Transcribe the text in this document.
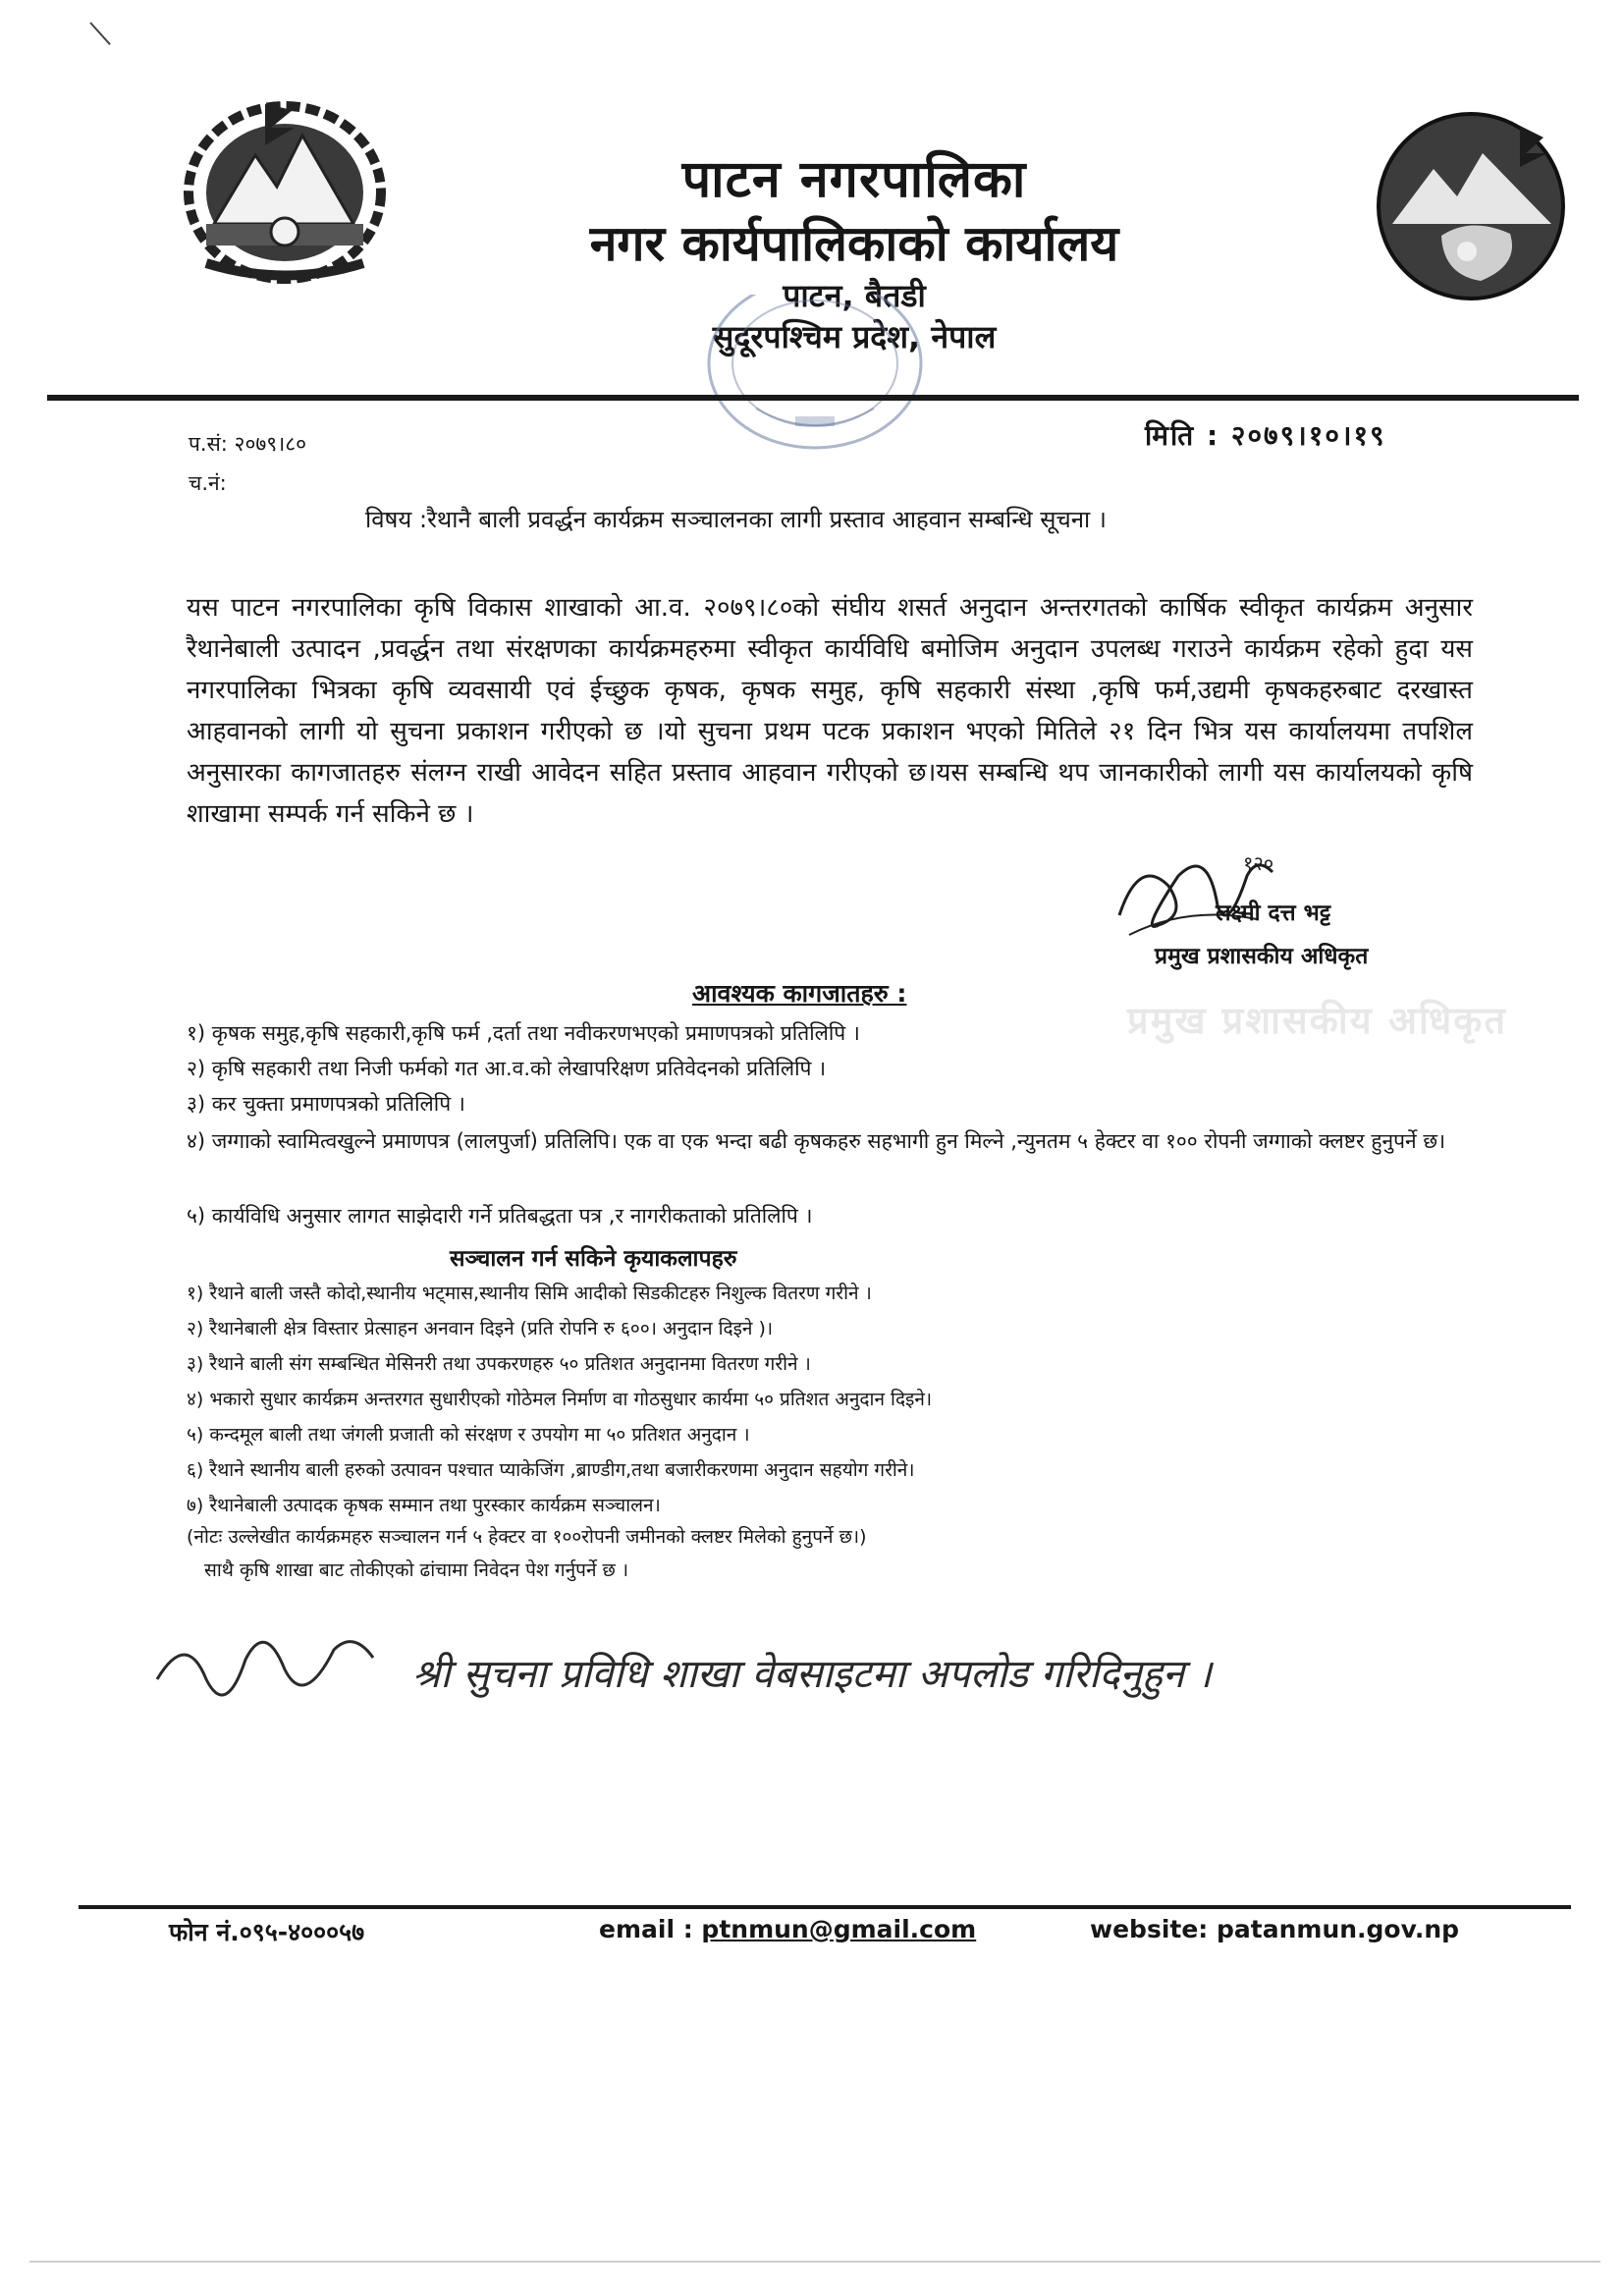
पाटन नगरपालिका
नगर कार्यपालिकाको कार्यालय
पाटन, बैतडी
सुदूरपश्चिम प्रदेश, नेपाल
प.सं: २०७९।८०
च.नं:
मिति : २०७९।१०।१९
विषय :रैथानै बाली प्रवर्द्धन कार्यक्रम सञ्चालनका लागी प्रस्ताव आहवान सम्बन्धि सूचना ।
यस पाटन नगरपालिका कृषि विकास शाखाको आ.व. २०७९।८०को संघीय शसर्त अनुदान अन्तरगतको कार्षिक स्वीकृत कार्यक्रम अनुसार रैथानेबाली उत्पादन ,प्रवर्द्धन तथा संरक्षणका कार्यक्रमहरुमा स्वीकृत कार्यविधि बमोजिम अनुदान उपलब्ध गराउने कार्यक्रम रहेको हुदा यस नगरपालिका भित्रका कृषि व्यवसायी एवं ईच्छुक कृषक, कृषक समुह, कृषि सहकारी संस्था ,कृषि फर्म,उद्यमी कृषकहरुबाट दरखास्त आहवानको लागी यो सुचना प्रकाशन गरीएको छ ।यो सुचना प्रथम पटक प्रकाशन भएको मितिले २१ दिन भित्र यस कार्यालयमा तपशिल अनुसारका कागजातहरु संलग्न राखी आवेदन सहित प्रस्ताव आहवान गरीएको छ।यस सम्बन्धि थप जानकारीको लागी यस कार्यालयको कृषि शाखामा सम्पर्क गर्न सकिने छ ।
१२०
प्रमुख प्रशासकीय अधिकृत
लक्ष्मी दत्त भट्ट
प्रमुख प्रशासकीय अधिकृत
आवश्यक कागजातहरु :
१) कृषक समुह,कृषि सहकारी,कृषि फर्म ,दर्ता तथा नवीकरणभएको प्रमाणपत्रको प्रतिलिपि ।
२) कृषि सहकारी तथा निजी फर्मको गत आ.व.को लेखापरिक्षण प्रतिवेदनको प्रतिलिपि ।
३) कर चुक्ता प्रमाणपत्रको प्रतिलिपि ।
४) जग्गाको स्वामित्वखुल्ने प्रमाणपत्र (लालपुर्जा) प्रतिलिपि। एक वा एक भन्दा बढी कृषकहरु सहभागी हुन मिल्ने ,न्युनतम ५ हेक्टर वा १०० रोपनी जग्गाको क्लष्टर हुनुपर्ने छ।
५) कार्यविधि अनुसार लागत साझेदारी गर्ने प्रतिबद्धता पत्र ,र नागरीकताको प्रतिलिपि ।
सञ्चालन गर्न सकिने कृयाकलापहरु
१) रैथाने बाली जस्तै कोदो,स्थानीय भट्मास,स्थानीय सिमि आदीको सिडकीटहरु निशुल्क वितरण गरीने ।
२) रैथानेबाली क्षेत्र विस्तार प्रेत्साहन अनवान दिइने (प्रति रोपनि रु ६००। अनुदान दिइने )।
३) रैथाने बाली संग सम्बन्धित मेसिनरी तथा उपकरणहरु ५० प्रतिशत अनुदानमा वितरण गरीने ।
४) भकारो सुधार कार्यक्रम अन्तरगत सुधारीएको गोठेमल निर्माण वा गोठसुधार कार्यमा ५० प्रतिशत अनुदान दिइने।
५) कन्दमूल बाली तथा जंगली प्रजाती को संरक्षण र उपयोग मा ५० प्रतिशत अनुदान ।
६) रैथाने स्थानीय बाली हरुको उत्पावन पश्चात प्याकेजिंग ,ब्राण्डीग,तथा बजारीकरणमा अनुदान सहयोग गरीने।
७) रैथानेबाली उत्पादक कृषक सम्मान तथा पुरस्कार कार्यक्रम सञ्चालन।
(नोटः उल्लेखीत कार्यक्रमहरु सञ्चालन गर्न ५ हेक्टर वा १००रोपनी जमीनको क्लष्टर मिलेको हुनुपर्ने छ।)
साथै कृषि शाखा बाट तोकीएको ढांचामा निवेदन पेश गर्नुपर्ने छ ।
श्री सुचना प्रविधि शाखा वेबसाइटमा अपलोड गरिदिनुहुन ।
फोन नं.०९५-४०००५७	email : ptnmun@gmail.com	website: patanmun.gov.np
